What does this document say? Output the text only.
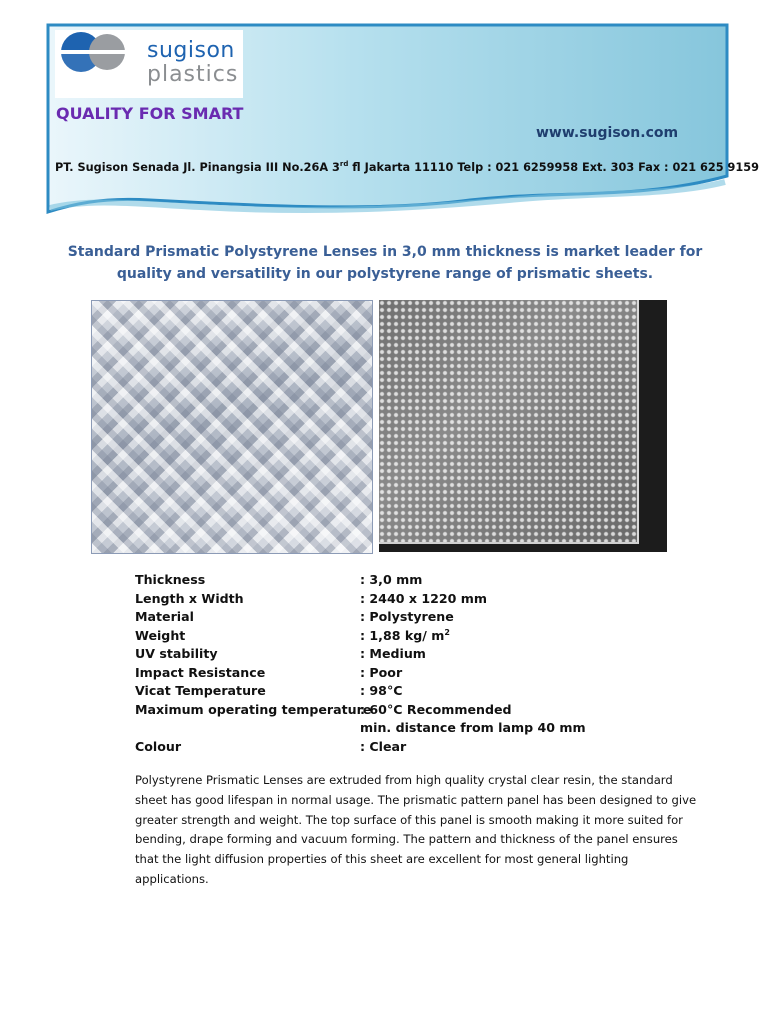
sugison
plastics
QUALITY FOR SMART
www.sugison.com
PT. Sugison Senada Jl. Pinangsia III No.26A 3rd fl Jakarta 11110 Telp : 021 6259958 Ext. 303 Fax : 021 625 9159
Standard Prismatic Polystyrene Lenses in 3,0 mm thickness is market leader for
quality and versatility in our polystyrene range of prismatic sheets.
Thickness	: 3,0 mm
Length x Width	: 2440 x 1220 mm
Material	: Polystyrene
Weight	: 1,88 kg/ $m^2$
UV stability	: Medium
Impact Resistance	: Poor
Vicat Temperature	: 98°C
Maximum operating temperature
: 60°C Recommended
min. distance from lamp 40 mm
Colour	: Clear
Polystyrene Prismatic Lenses are extruded from high quality crystal clear resin, the standard
sheet has good lifespan in normal usage. The prismatic pattern panel has been designed to give
greater strength and weight. The top surface of this panel is smooth making it more suited for
bending, drape forming and vacuum forming. The pattern and thickness of the panel ensures
that the light diffusion properties of this sheet are excellent for most general lighting
applications.
